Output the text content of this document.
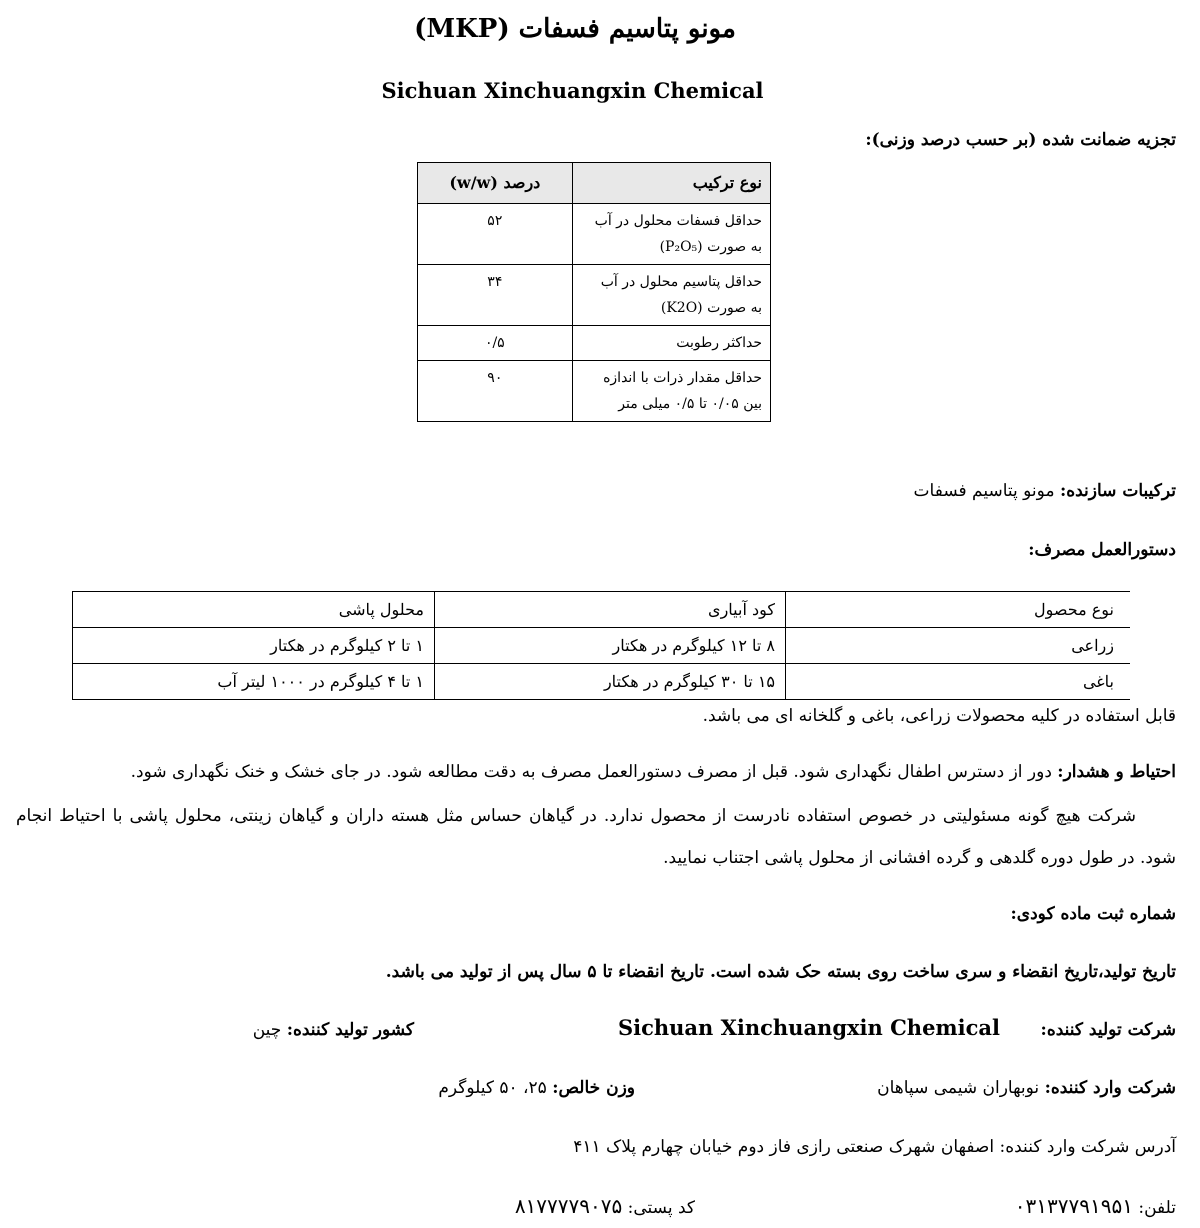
مونو پتاسیم فسفات (MKP)
Sichuan Xinchuangxin Chemical
تجزیه ضمانت شده (بر حسب درصد وزنی):
نوع ترکیب	درصد (w/w)

حداقل فسفات محلول در آب
به صورت (P₂O₅)	۵۲

حداقل پتاسیم محلول در آب
به صورت (K2O)	۳۴

حداکثر رطوبت	۰/۵

حداقل مقدار ذرات با اندازه
بین ۰/۰۵ تا ۰/۵ میلی متر	۹۰
ترکیبات سازنده: مونو پتاسیم فسفات
دستورالعمل مصرف:
نوع محصول	کود آبیاری	محلول پاشی
زراعی	۸ تا ۱۲ کیلوگرم در هکتار	۱ تا ۲ کیلوگرم در هکتار
باغی	۱۵ تا ۳۰ کیلوگرم در هکتار	۱ تا ۴ کیلوگرم در ۱۰۰۰ لیتر آب
قابل استفاده در کلیه محصولات زراعی، باغی و گلخانه ای می باشد.
احتیاط و هشدار: دور از دسترس اطفال نگهداری شود. قبل از مصرف دستورالعمل مصرف به دقت مطالعه شود. در جای خشک و خنک نگهداری شود.
شرکت هیچ گونه مسئولیتی در خصوص استفاده نادرست از محصول ندارد. در گیاهان حساس مثل هسته داران و گیاهان زینتی، محلول پاشی با احتیاط انجام شود. در طول دوره گلدهی و گرده افشانی از محلول پاشی اجتناب نمایید.
شماره ثبت ماده کودی:
تاریخ تولید،تاریخ انقضاء و سری ساخت روی بسته حک شده است. تاریخ انقضاء تا ۵ سال پس از تولید می باشد.
شرکت تولید کننده:
Sichuan Xinchuangxin Chemical
کشور تولید کننده: چین
شرکت وارد کننده: نوبهاران شیمی سپاهان
وزن خالص: ۲۵، ۵۰ کیلوگرم
آدرس شرکت وارد کننده: اصفهان شهرک صنعتی رازی فاز دوم خیابان چهارم پلاک ۴۱۱
تلفن: ۰۳۱۳۷۷۹۱۹۵۱
کد پستی: ۸۱۷۷۷۷۹۰۷۵
